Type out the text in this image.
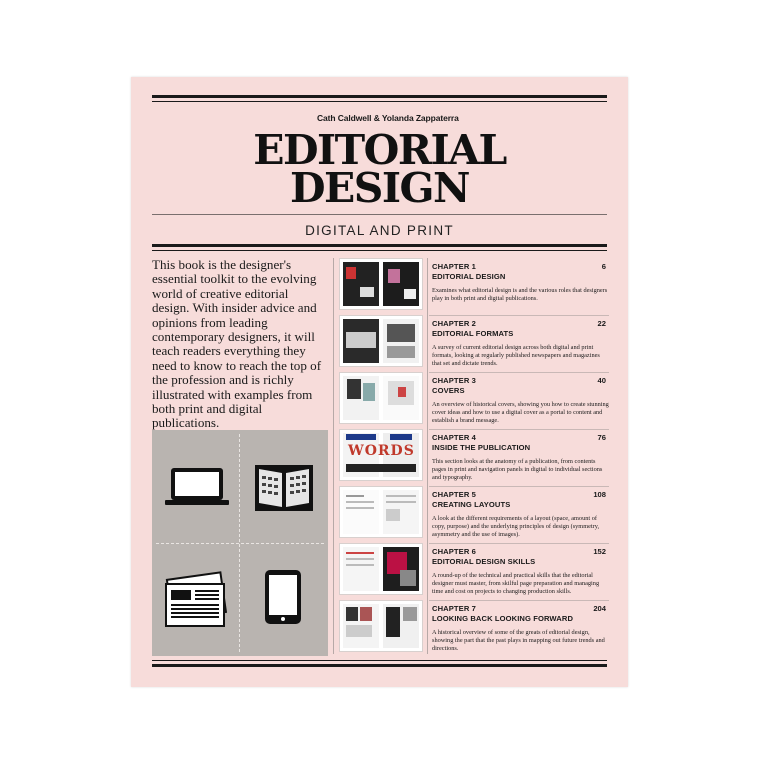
Cath Caldwell & Yolanda Zappaterra
EDITORIAL
DESIGN
DIGITAL AND PRINT
This book is the designer's essential toolkit to the evolving world of creative editorial design. With insider advice and opinions from leading contemporary designers, it will teach readers everything they need to know to reach the top of the profession and is richly illustrated with examples from both print and digital publications.
WORDS
CHAPTER 1
EDITORIAL DESIGN
6
Examines what editorial design is and the various roles that designers play in both print and digital publications.
CHAPTER 2
EDITORIAL FORMATS
22
A survey of current editorial design across both digital and print formats, looking at regularly published newspapers and magazines that set and dictate trends.
CHAPTER 3
COVERS
40
An overview of historical covers, showing you how to create stunning cover ideas and how to use a digital cover as a portal to content and establish a brand message.
CHAPTER 4
INSIDE THE PUBLICATION
76
This section looks at the anatomy of a publication, from contents pages in print and navigation panels in digital to individual sections and typography.
CHAPTER 5
CREATING LAYOUTS
108
A look at the different requirements of a layout (space, amount of copy, purpose) and the underlying principles of design (symmetry, asymmetry and the use of images).
CHAPTER 6
EDITORIAL DESIGN SKILLS
152
A round-up of the technical and practical skills that the editorial designer must master, from skilful page preparation and managing time and cost on projects to changing production skills.
CHAPTER 7
LOOKING BACK LOOKING FORWARD
204
A historical overview of some of the greats of editorial design, showing the part that the past plays in mapping out future trends and directions.
